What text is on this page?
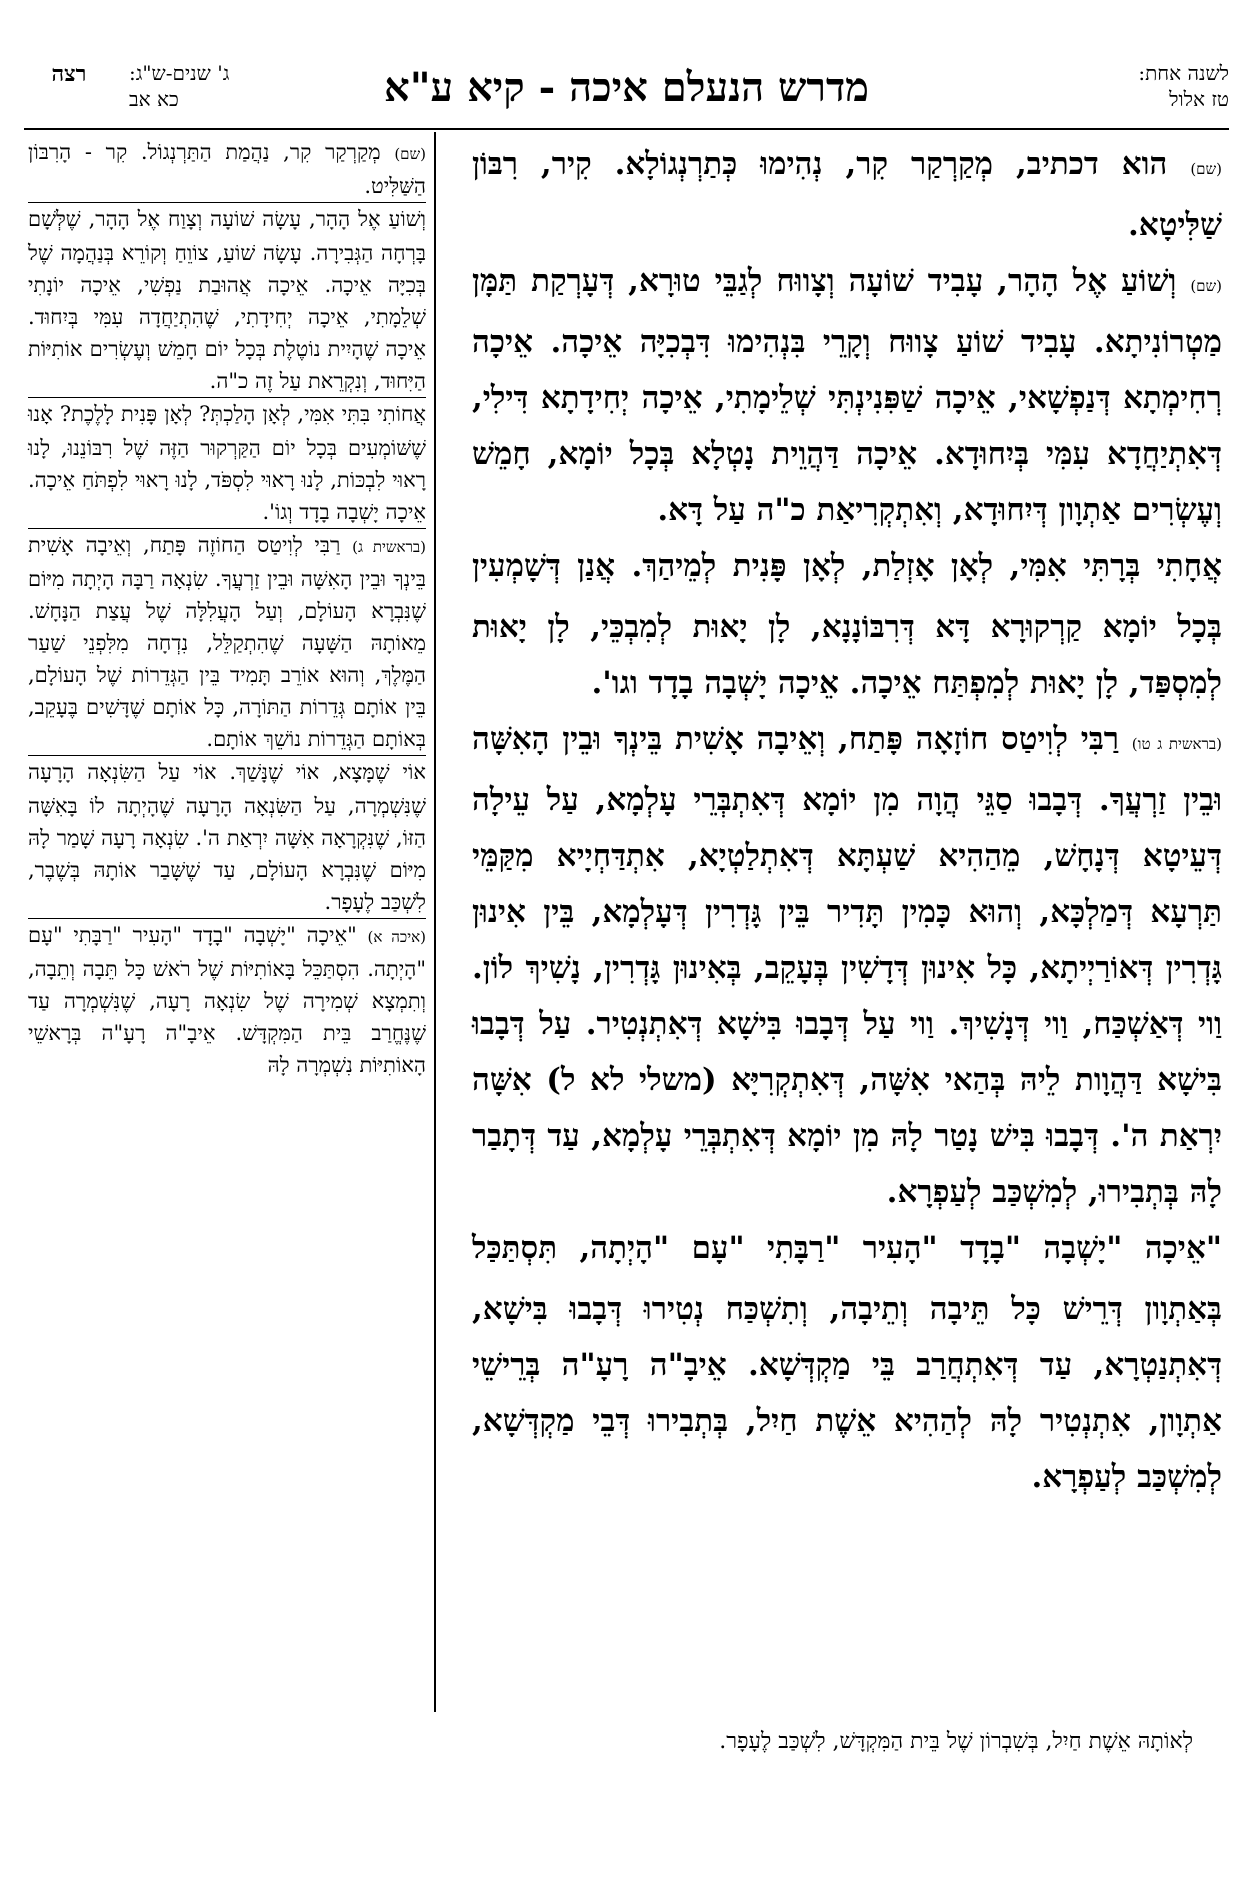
לשנה אחת:
טז אלול
מדרש הנעלם איכה - קיא ע"א
ג' שנים-ש"ג:
כא אב
רצה

(שם) הוא דכתיב, מְקַרְקַר קִר, נְהִימוּ כְּתַרְנְגוֹלָא. קִיר, רִבּוֹן שַׁלִּיטָא.

(שם) וְשׁוֹעַ אֶל הָהָר, עָבִיד שׁוֹעָה וְצָווּח לְגַבֵּי טוּרָא, דְּעָרְקַת תַּמָּן מַטְרוֹנִיתָא. עָבִיד שׁוֹעַ צָווּח וְקָרֵי בִּנְהִימוּ דִּבְכִיָּה אֵיכָה. אֵיכָה רְחִימְתָא דְּנַפְשָׁאי, אֵיכָה שַׁפִּנִינְתִּי שְׁלֵימָתִי, אֵיכָה יְחִידָתָא דִּילִי, דְּאִתְיַחֲדָא עִמִּי בְּיִחוּדָא. אֵיכָה דַּהֲוֵית נָטְלָא בְּכָל יוֹמָא, חָמֵשׁ וְעֶשְׂרִים אַתְוָון דְּיִחוּדָא, וְאִתְקְרִיאַת כ"ה עַל דָּא.

אֲחָתִי בְּרָתִּי אִמִּי, לְאָן אָזְלַת, לְאָן פָּנִית לְמֵיהַךְ. אֲנַן דְּשָׁמְעִין בְּכָל יוֹמָא קַרְקוּרָא דָּא דְּרִבּוֹנָנָא, לָן יָאוּת לְמִבְכֵּי, לָן יָאוּת לְמִסְפַּד, לָן יָאוּת לְמִפְתַּח אֵיכָה. אֵיכָה יָשְׁבָה בָדָד וגו'.

(בראשית ג טו) רַבִּי לְוִיטַס חוֹזָאָה פָּתַח, וְאֵיבָה אָשִׁית בֵּינְךָ וּבֵין הָאִשָּׁה וּבֵין זַרְעֲךָ. דְּבָבוּ סַגֵּי הֲוָה מִן יוֹמָא דְּאִתְבְּרֵי עָלְמָא, עַל עֵילָה דְּעֵיטָא דְּנָחָשׁ, מֵהַהִיא שַׁעְתָּא דְּאִתְלַטְיָא, אִתְדַּחְיָיא מִקַּמֵּי תַּרְעָא דְּמַלְכָּא, וְהוּא כָּמִין תָּדִיר בֵּין גָּדְרִין דְּעָלְמָא, בֵּין אִינוּן גָּדְרִין דְּאוֹרַיְיתָא, כָּל אִינוּן דְּדָשִׁין בְּעָקֵב, בְּאִינוּן גָּדְרִין, נָשִׁיךְ לוֹן. וַוי דְּאַשְׁכַּח, וַוי דְּנָשִׁיךְ. וַוי עַל דְּבָבוּ בִּישָׁא דְּאִתְנְטִיר. עַל דְּבָבוּ בִּישָׁא דַּהֲוָות לֵיהּ בְּהַאי אִשָּׁה, דְּאִתְקְרִיָּא (משלי לא ל) אִשָּׁה יִרְאַת ה'. דְּבָבוּ בִּישׁ נָטַר לָהּ מִן יוֹמָא דְּאִתְבְּרֵי עָלְמָא, עַד דְּתָבַר לָהּ בְּתְבִירוּ, לְמִשְׁכַּב לְעַפְרָא.

"אֵיכָה "יָשְׁבָה "בָדָד "הָעִיר "רַבָּתִי "עָם "הָיְתָה, תִּסְתַּכַּל בְּאַתְוָון דְּרֵישׁ כָּל תֵּיבָה וְתֵיבָה, וְתִשְׁכַּח נְטִירוּ דְּבָבוּ בִּישָׁא, דְּאִתְנַטְרָא, עַד דְּאִתְחֲרַב בֵּי מַקְדְּשָׁא. אֵיבָ"ה רָעָ"ה בְּרֵישֵׁי אַתְוָון, אִתְנְטִיר לָהּ לְהַהִיא אֵשֶׁת חַיִל, בְּתְבִירוּ דְּבֵי מַקְדְּשָׁא, לְמִשְׁכַּב לְעַפְרָא.

(שם) מְקַרְקַר קִר, נַהֲמַת הַתַּרְנְגוֹל. קִר - הָרִבּוֹן הַשַּׁלִּיט.

וְשׁוֹעַ אֶל הָהָר, עָשָׂה שׁוֹעָה וְצָוַח אֶל הָהָר, שֶׁלְּשָׁם בָּרְחָה הַגְּבִירָה. עָשָׂה שׁוֹעַ, צוֹוֵחַ וְקוֹרֵא בְּנַהֲמָה שֶׁל בְּכִיָּה אֵיכָה. אֵיכָה אֲהוּבַת נַפְשִׁי, אֵיכָה יוֹנָתִי שְׁלֵמָתִי, אֵיכָה יְחִידָתִי, שֶׁהִתְיַחֲדָה עִמִּי בְּיִחוּד. אֵיכָה שֶׁהָיִית נוֹטֶלֶת בְּכָל יוֹם חָמֵשׁ וְעֶשְׂרִים אוֹתִיּוֹת הַיִּחוּד, וְנִקְרֵאת עַל זֶה כ"ה.

אֲחוֹתִי בִּתִּי אִמִּי, לְאָן הָלַכְתְּ? לְאָן פָּנִית לָלֶכֶת? אָנוּ שֶׁשּׁוֹמְעִים בְּכָל יוֹם הַקַּרְקוּר הַזֶּה שֶׁל רִבּוֹנֵנוּ, לָנוּ רָאוּי לִבְכּוֹת, לָנוּ רָאוּי לִסְפֹּד, לָנוּ רָאוּי לִפְתֹּחַ אֵיכָה. אֵיכָה יָשְׁבָה בָדָד וְגוֹ'.

(בראשית ג) רַבִּי לְוִיטַס הַחוֹזֶה פָּתַח, וְאֵיבָה אָשִׁית בֵּינְךָ וּבֵין הָאִשָּׁה וּבֵין זַרְעֲךָ. שִׂנְאָה רַבָּה הָיְתָה מִיּוֹם שֶׁנִּבְרָא הָעוֹלָם, וְעַל הָעֲלִלָּה שֶׁל עֲצַת הַנָּחָשׁ. מֵאוֹתָהּ הַשָּׁעָה שֶׁהִתְקַלֵּל, נִדְחָה מִלִּפְנֵי שַׁעַר הַמֶּלֶךְ, וְהוּא אוֹרֵב תָּמִיד בֵּין הַגְּדֵרוֹת שֶׁל הָעוֹלָם, בֵּין אוֹתָם גְּדֵרוֹת הַתּוֹרָה, כָּל אוֹתָם שֶׁדָּשִׁים בֶּעָקֵב, בְּאוֹתָם הַגְּדֵרוֹת נוֹשֵׁךְ אוֹתָם.

אוֹי שֶׁמָּצָא, אוֹי שֶׁנָּשַׁךְ. אוֹי עַל הַשִּׂנְאָה הָרָעָה שֶׁנִּשְׁמְרָה, עַל הַשִּׂנְאָה הָרָעָה שֶׁהָיְתָה לוֹ בָּאִשָּׁה הַזּוֹ, שֶׁנִּקְרָאָה אִשָּׁה יִרְאַת ה'. שִׂנְאָה רָעָה שָׁמַר לָהּ מִיּוֹם שֶׁנִּבְרָא הָעוֹלָם, עַד שֶׁשָּׁבַר אוֹתָהּ בְּשֶׁבֶר, לִשְׁכַּב לֶעָפָר.

(איכה א) "אֵיכָה "יָשְׁבָה "בָדָד "הָעִיר "רַבָּתִי "עָם "הָיְתָה. הִסְתַּכֵּל בָּאוֹתִיּוֹת שֶׁל רֹאשׁ כָּל תֵּבָה וְתֵבָה, וְתִמְצָא שְׁמִירָה שֶׁל שִׂנְאָה רָעָה, שֶׁנִּשְׁמְרָה עַד שֶׁנֶּחֱרַב בֵּית הַמִּקְדָּשׁ. אֵיבָ"ה רָעָ"ה בְּרָאשֵׁי הָאוֹתִיּוֹת נִשְׁמְרָה לָהּ

לְאוֹתָהּ אֵשֶׁת חַיִל, בְּשִׁבְרוֹן שֶׁל בֵּית הַמִּקְדָּשׁ, לִשְׁכַּב לֶעָפָר.
